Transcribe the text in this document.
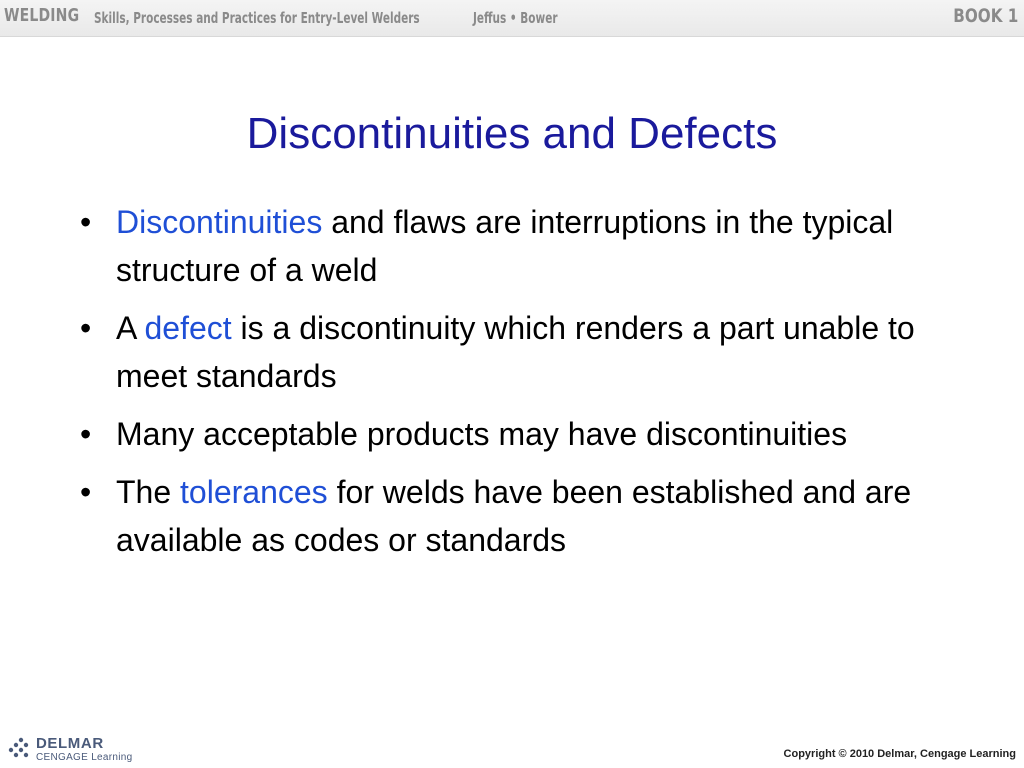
WELDING Skills, Processes and Practices for Entry-Level Welders	Jeffus • Bower	BOOK 1
Discontinuities and Defects
• Discontinuities and flaws are interruptions in the typical structure of a weld
• A defect is a discontinuity which renders a part unable to meet standards
• Many acceptable products may have discontinuities
• The tolerances for welds have been established and are available as codes or standards
DELMAR
CENGAGE Learning	Copyright © 2010 Delmar, Cengage Learning
